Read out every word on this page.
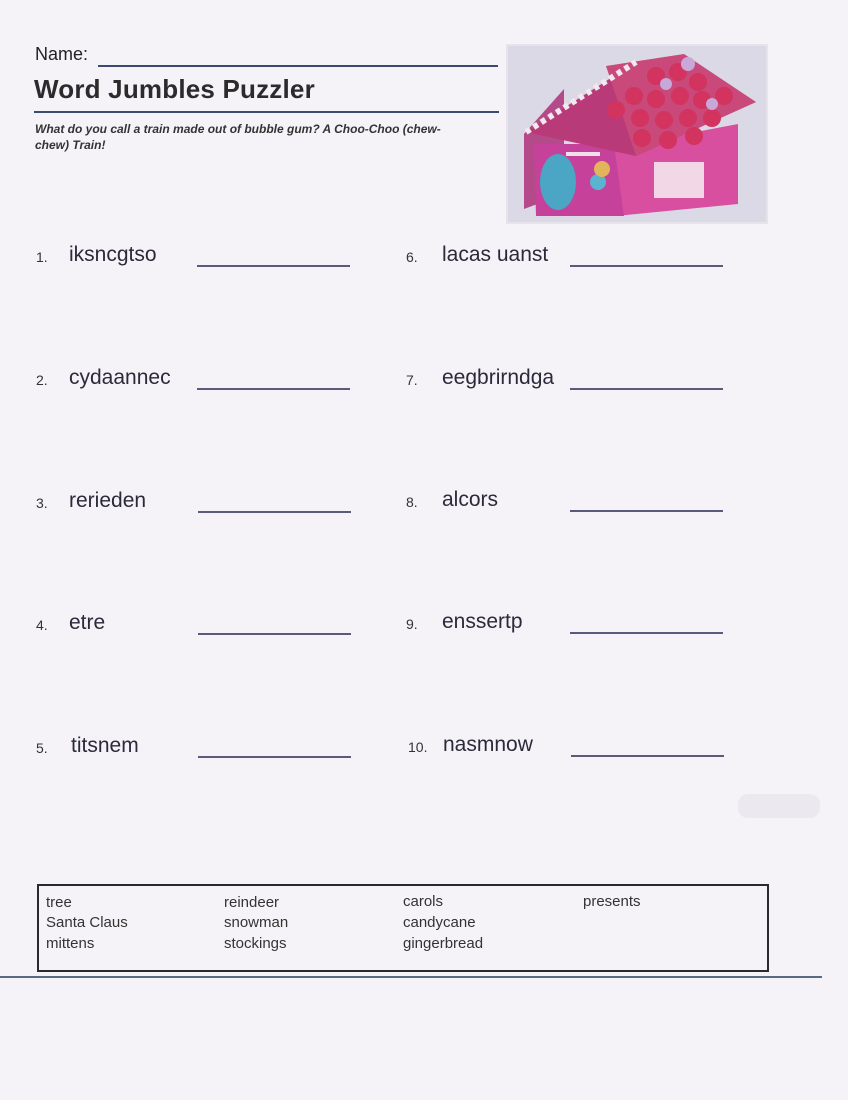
Name:
Word Jumbles Puzzler
What do you call a train made out of bubble gum? A Choo-Choo (chew-chew) Train!
1. iksncgtso
2. cydaannec
3. rerieden
4. etre
5. titsnem
6. lacas uanst
7. eegbrirndga
8. alcors
9. enssertp
10. nasmnow
tree
Santa Claus
mittens
reindeer
snowman
stockings
carols
candycane
gingerbread
presents
